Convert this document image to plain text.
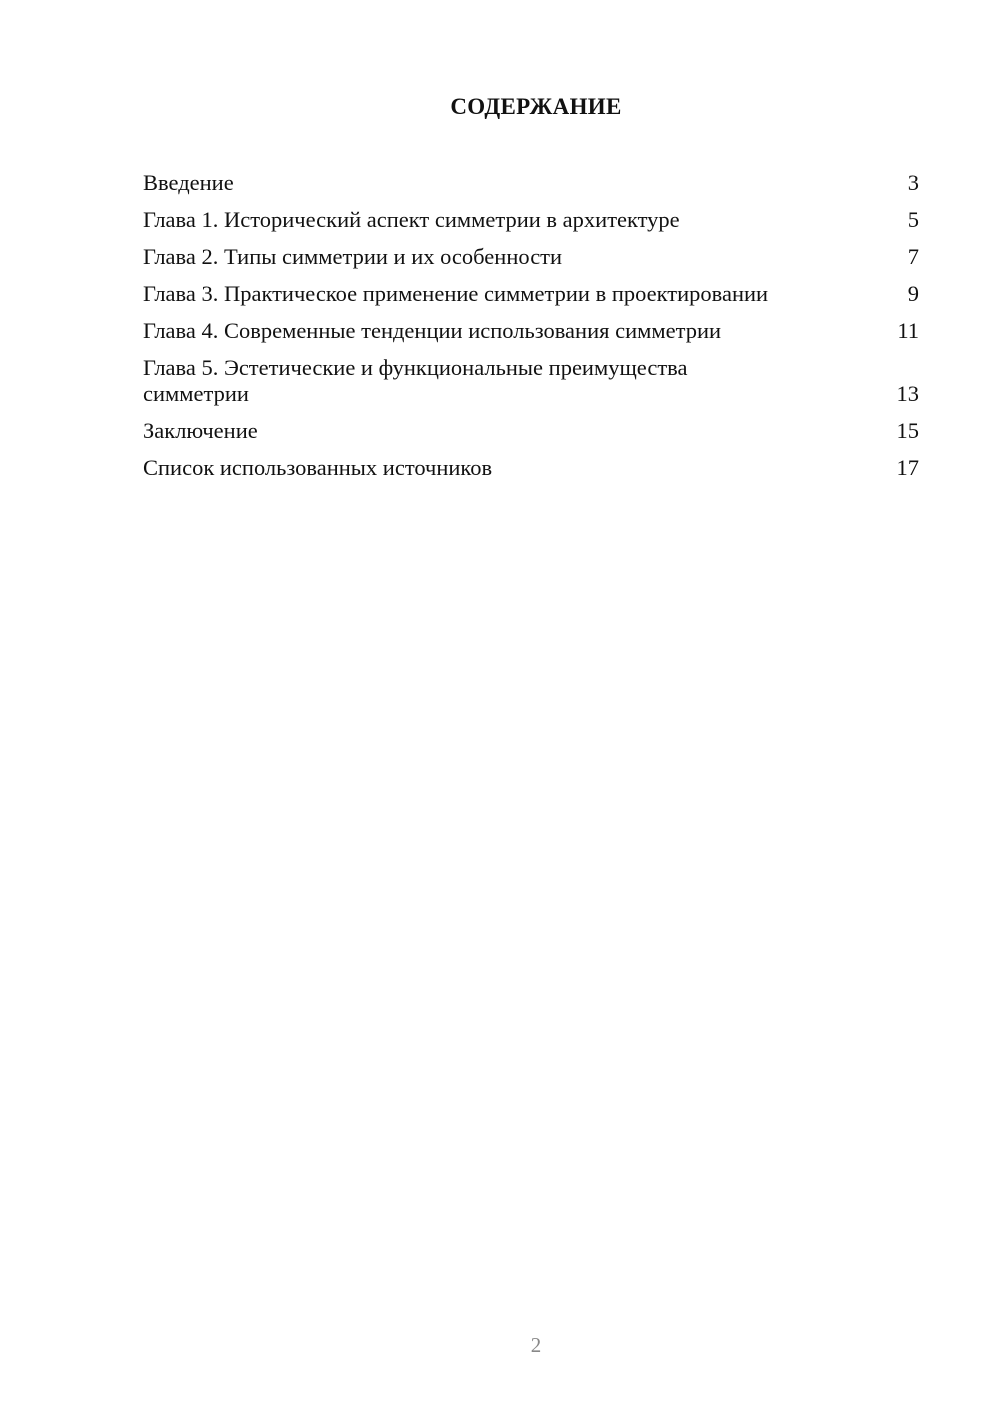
СОДЕРЖАНИЕ
Введение	3
Глава 1. Исторический аспект симметрии в архитектуре	5
Глава 2. Типы симметрии и их особенности	7
Глава 3. Практическое применение симметрии в проектировании	9
Глава 4. Современные тенденции использования симметрии	11
Глава 5. Эстетические и функциональные преимущества симметрии	13
Заключение	15
Список использованных источников	17
2
